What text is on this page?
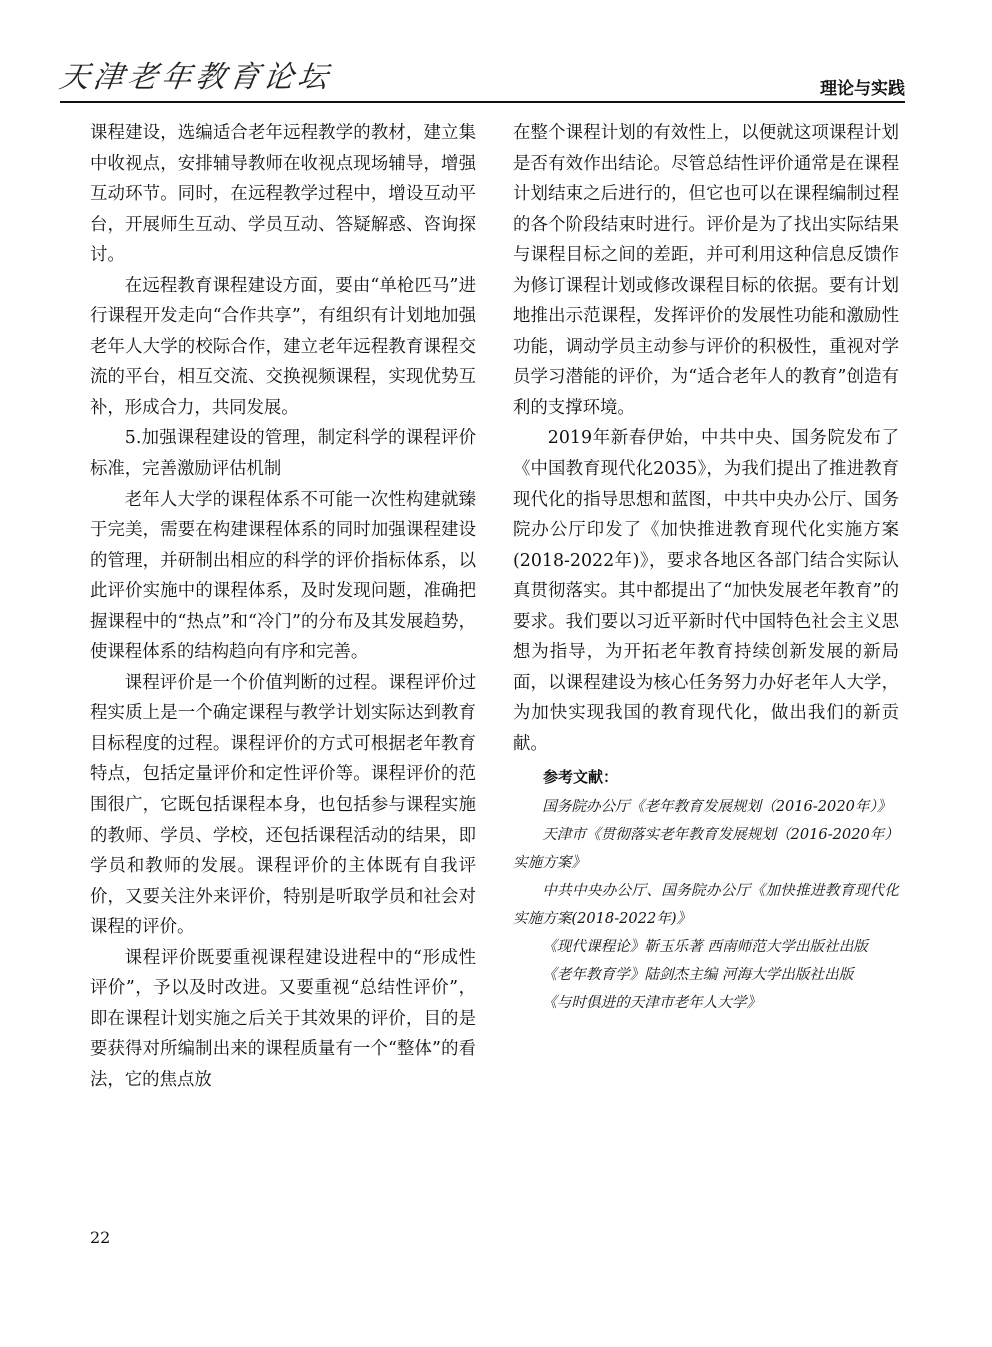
天津老年教育论坛	理论与实践

课程建设，选编适合老年远程教学的教材，建立集中收视点，安排辅导教师在收视点现场辅导，增强互动环节。同时，在远程教学过程中，增设互动平台，开展师生互动、学员互动、答疑解惑、咨询探讨。

在远程教育课程建设方面，要由“单枪匹马”进行课程开发走向“合作共享”，有组织有计划地加强老年人大学的校际合作，建立老年远程教育课程交流的平台，相互交流、交换视频课程，实现优势互补，形成合力，共同发展。

5.加强课程建设的管理，制定科学的课程评价标准，完善激励评估机制

老年人大学的课程体系不可能一次性构建就臻于完美，需要在构建课程体系的同时加强课程建设的管理，并研制出相应的科学的评价指标体系，以此评价实施中的课程体系，及时发现问题，准确把握课程中的“热点”和“冷门”的分布及其发展趋势，使课程体系的结构趋向有序和完善。

课程评价是一个价值判断的过程。课程评价过程实质上是一个确定课程与教学计划实际达到教育目标程度的过程。课程评价的方式可根据老年教育特点，包括定量评价和定性评价等。课程评价的范围很广，它既包括课程本身，也包括参与课程实施的教师、学员、学校，还包括课程活动的结果，即学员和教师的发展。课程评价的主体既有自我评价，又要关注外来评价，特别是听取学员和社会对课程的评价。

课程评价既要重视课程建设进程中的“形成性评价”，予以及时改进。又要重视“总结性评价”，即在课程计划实施之后关于其效果的评价，目的是要获得对所编制出来的课程质量有一个“整体”的看法，它的焦点放

在整个课程计划的有效性上，以便就这项课程计划是否有效作出结论。尽管总结性评价通常是在课程计划结束之后进行的，但它也可以在课程编制过程的各个阶段结束时进行。评价是为了找出实际结果与课程目标之间的差距，并可利用这种信息反馈作为修订课程计划或修改课程目标的依据。要有计划地推出示范课程，发挥评价的发展性功能和激励性功能，调动学员主动参与评价的积极性，重视对学员学习潜能的评价，为“适合老年人的教育”创造有利的支撑环境。

2019年新春伊始，中共中央、国务院发布了《中国教育现代化2035》，为我们提出了推进教育现代化的指导思想和蓝图，中共中央办公厅、国务院办公厅印发了《加快推进教育现代化实施方案(2018-2022年)》，要求各地区各部门结合实际认真贯彻落实。其中都提出了“加快发展老年教育”的要求。我们要以习近平新时代中国特色社会主义思想为指导，为开拓老年教育持续创新发展的新局面，以课程建设为核心任务努力办好老年人大学，为加快实现我国的教育现代化，做出我们的新贡献。

参考文献：

国务院办公厅《老年教育发展规划（2016-2020年）》

天津市《贯彻落实老年教育发展规划（2016-2020年）实施方案》

中共中央办公厅、国务院办公厅《加快推进教育现代化实施方案(2018-2022年)》

《现代课程论》靳玉乐著 西南师范大学出版社出版

《老年教育学》陆剑杰主编 河海大学出版社出版

《与时俱进的天津市老年人大学》

22
